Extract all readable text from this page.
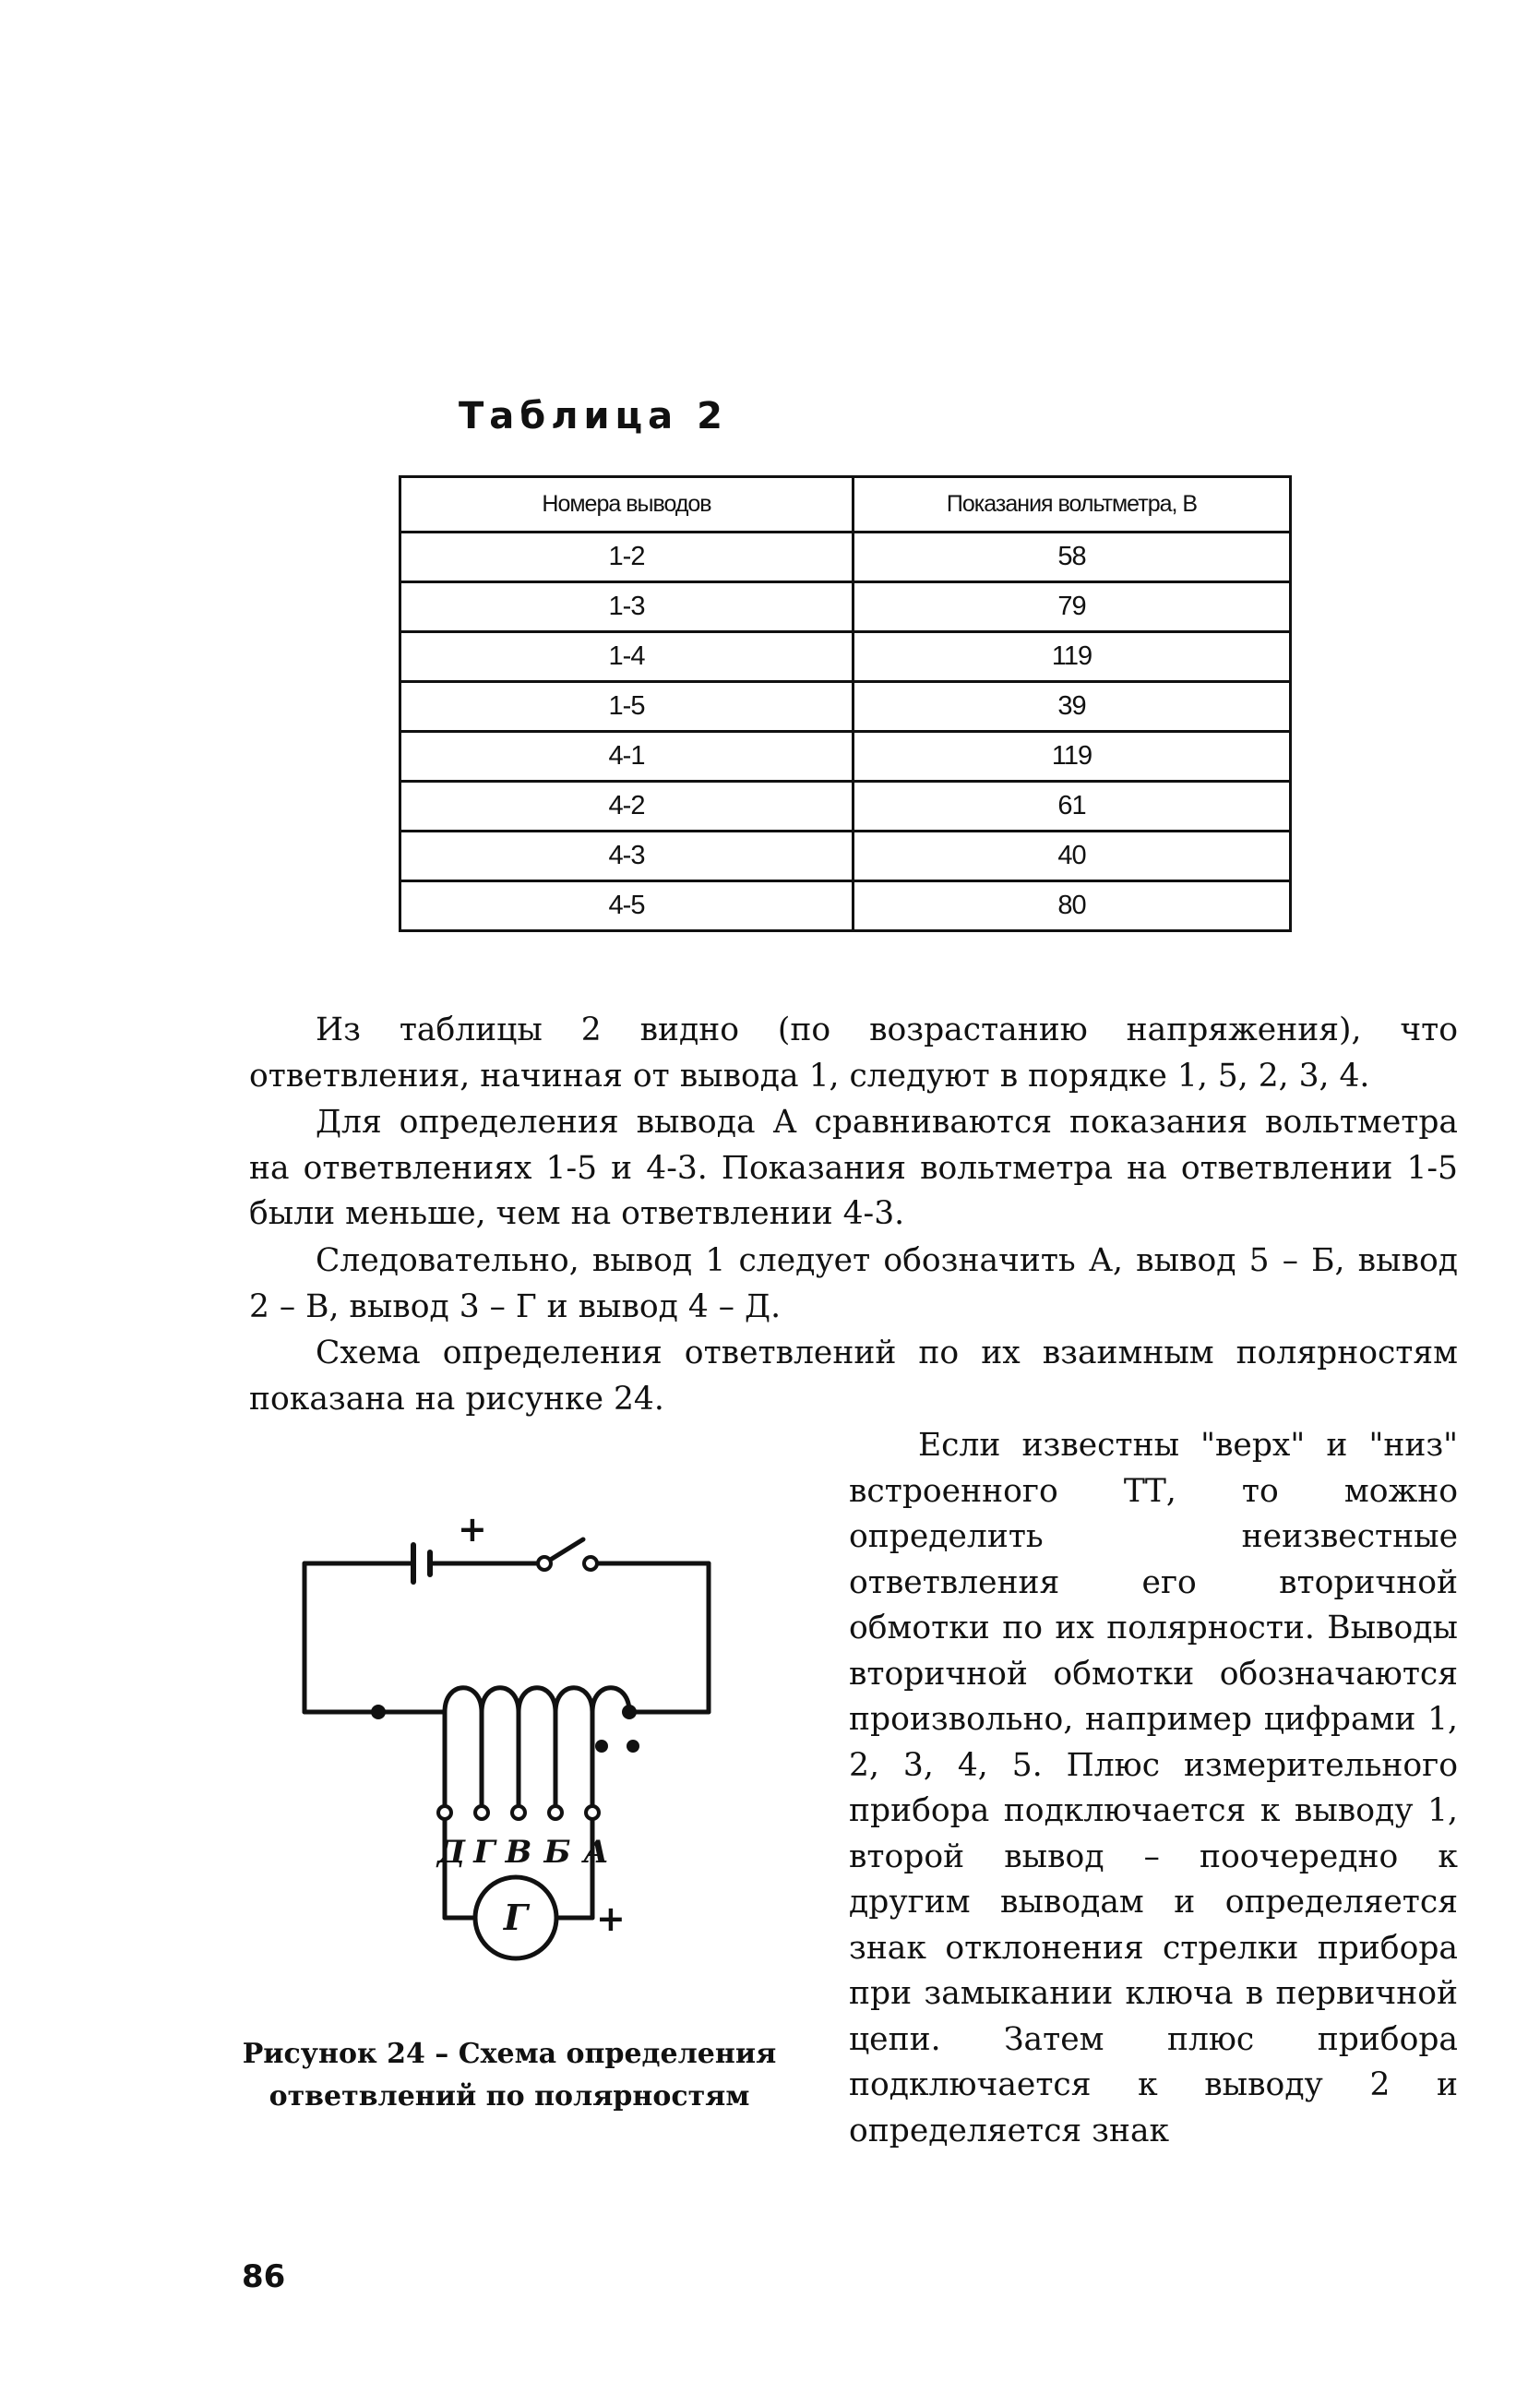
Таблица 2
Номера выводов	Показания вольтметра, В
1-2	58
1-3	79
1-4	119
1-5	39
4-1	119
4-2	61
4-3	40
4-5	80
Из таблицы 2 видно (по возрастанию напряжения), что ответвления, начиная от вывода 1, следуют в порядке 1, 5, 2, 3, 4.
Для определения вывода А сравниваются показания вольтметра на ответвлениях 1-5 и 4-3. Показания вольтметра на ответвлении 1-5 были меньше, чем на ответвлении 4-3.
Следовательно, вывод 1 следует обозначить А, вывод 5 – Б, вывод 2 – В, вывод 3 – Г и вывод 4 – Д.
Схема определения ответвлений по их взаимным полярностям показана на рисунке 24.
Если известны "верх" и "низ" встроенного ТТ, то можно определить неизвестные ответвления его вторичной обмотки по их полярности. Выводы вторичной обмотки обозначаются произвольно, например цифрами 1, 2, 3, 4, 5. Плюс измерительного прибора подключается к выводу 1, второй вывод – поочередно к другим выводам и определяется знак отклонения стрелки прибора при замыкании ключа в первичной цепи. Затем плюс прибора подключается к выводу 2 и определяется знак
+
+
Д Г В Б А
Г
Рисунок 24 – Схема определения ответвлений по полярностям
86
